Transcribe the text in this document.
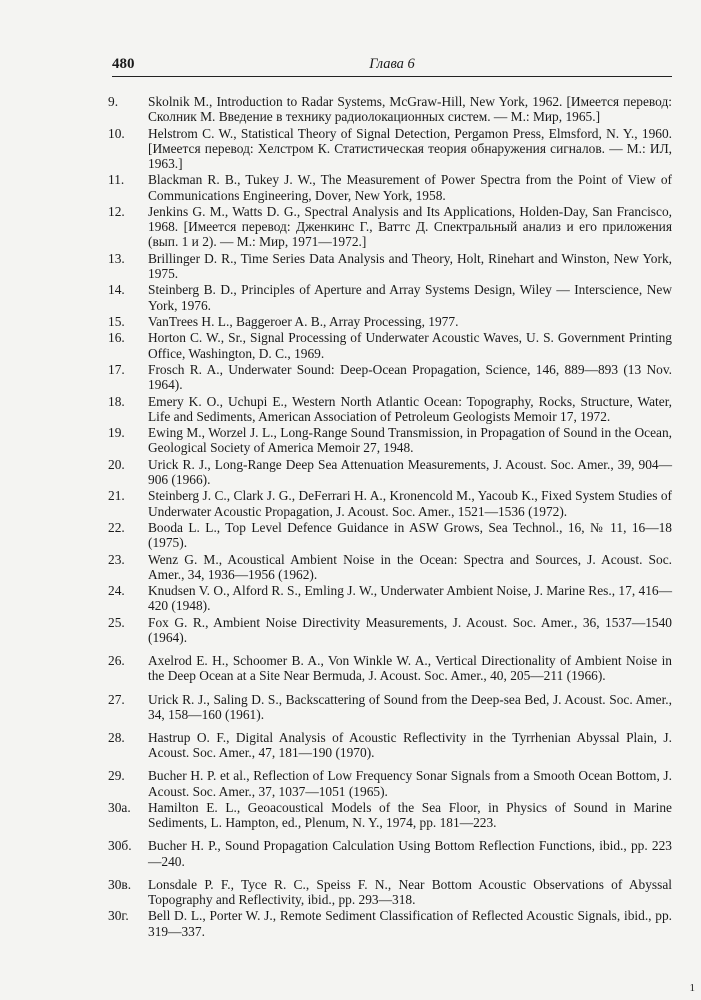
480	Глава 6
9.	Skolnik M., Introduction to Radar Systems, McGraw-Hill, New York, 1962. [Имеется перевод: Сколник М. Введение в технику радиолокационных систем. — М.: Мир, 1965.]
10.	Helstrom C. W., Statistical Theory of Signal Detection, Pergamon Press, Elmsford, N. Y., 1960. [Имеется перевод: Хелстром К. Статистическая теория обнаружения сигналов. — М.: ИЛ, 1963.]
11.	Blackman R. B., Tukey J. W., The Measurement of Power Spectra from the Point of View of Communications Engineering, Dover, New York, 1958.
12.	Jenkins G. M., Watts D. G., Spectral Analysis and Its Applications, Holden-Day, San Francisco, 1968. [Имеется перевод: Дженкинс Г., Ваттс Д. Спектральный анализ и его приложения (вып. 1 и 2). — М.: Мир, 1971—1972.]
13.	Brillinger D. R., Time Series Data Analysis and Theory, Holt, Rinehart and Winston, New York, 1975.
14.	Steinberg B. D., Principles of Aperture and Array Systems Design, Wiley — Interscience, New York, 1976.
15.	VanTrees H. L., Baggeroer A. B., Array Processing, 1977.
16.	Horton C. W., Sr., Signal Processing of Underwater Acoustic Waves, U. S. Government Printing Office, Washington, D. C., 1969.
17.	Frosch R. A., Underwater Sound: Deep-Ocean Propagation, Science, 146, 889—893 (13 Nov. 1964).
18.	Emery K. O., Uchupi E., Western North Atlantic Ocean: Topography, Rocks, Structure, Water, Life and Sediments, American Association of Petroleum Geologists Memoir 17, 1972.
19.	Ewing M., Worzel J. L., Long-Range Sound Transmission, in Propagation of Sound in the Ocean, Geological Society of America Memoir 27, 1948.
20.	Urick R. J., Long-Range Deep Sea Attenuation Measurements, J. Acoust. Soc. Amer., 39, 904—906 (1966).
21.	Steinberg J. C., Clark J. G., DeFerrari H. A., Kronencold M., Yacoub K., Fixed System Studies of Underwater Acoustic Propagation, J. Acoust. Soc. Amer., 1521—1536 (1972).
22.	Booda L. L., Top Level Defence Guidance in ASW Grows, Sea Technol., 16, № 11, 16—18 (1975).
23.	Wenz G. M., Acoustical Ambient Noise in the Ocean: Spectra and Sources, J. Acoust. Soc. Amer., 34, 1936—1956 (1962).
24.	Knudsen V. O., Alford R. S., Emling J. W., Underwater Ambient Noise, J. Marine Res., 17, 416—420 (1948).
25.	Fox G. R., Ambient Noise Directivity Measurements, J. Acoust. Soc. Amer., 36, 1537—1540 (1964).
26.	Axelrod E. H., Schoomer B. A., Von Winkle W. A., Vertical Directionality of Ambient Noise in the Deep Ocean at a Site Near Bermuda, J. Acoust. Soc. Amer., 40, 205—211 (1966).
27.	Urick R. J., Saling D. S., Backscattering of Sound from the Deep-sea Bed, J. Acoust. Soc. Amer., 34, 158—160 (1961).
28.	Hastrup O. F., Digital Analysis of Acoustic Reflectivity in the Tyrrhenian Abyssal Plain, J. Acoust. Soc. Amer., 47, 181—190 (1970).
29.	Bucher H. P. et al., Reflection of Low Frequency Sonar Signals from a Smooth Ocean Bottom, J. Acoust. Soc. Amer., 37, 1037—1051 (1965).
30a.	Hamilton E. L., Geoacoustical Models of the Sea Floor, in Physics of Sound in Marine Sediments, L. Hampton, ed., Plenum, N. Y., 1974, pp. 181—223.
30б.	Bucher H. P., Sound Propagation Calculation Using Bottom Reflection Functions, ibid., pp. 223—240.
30в.	Lonsdale P. F., Tyce R. C., Speiss F. N., Near Bottom Acoustic Observations of Abyssal Topography and Reflectivity, ibid., pp. 293—318.
30г.	Bell D. L., Porter W. J., Remote Sediment Classification of Reflected Acoustic Signals, ibid., pp. 319—337.
1
